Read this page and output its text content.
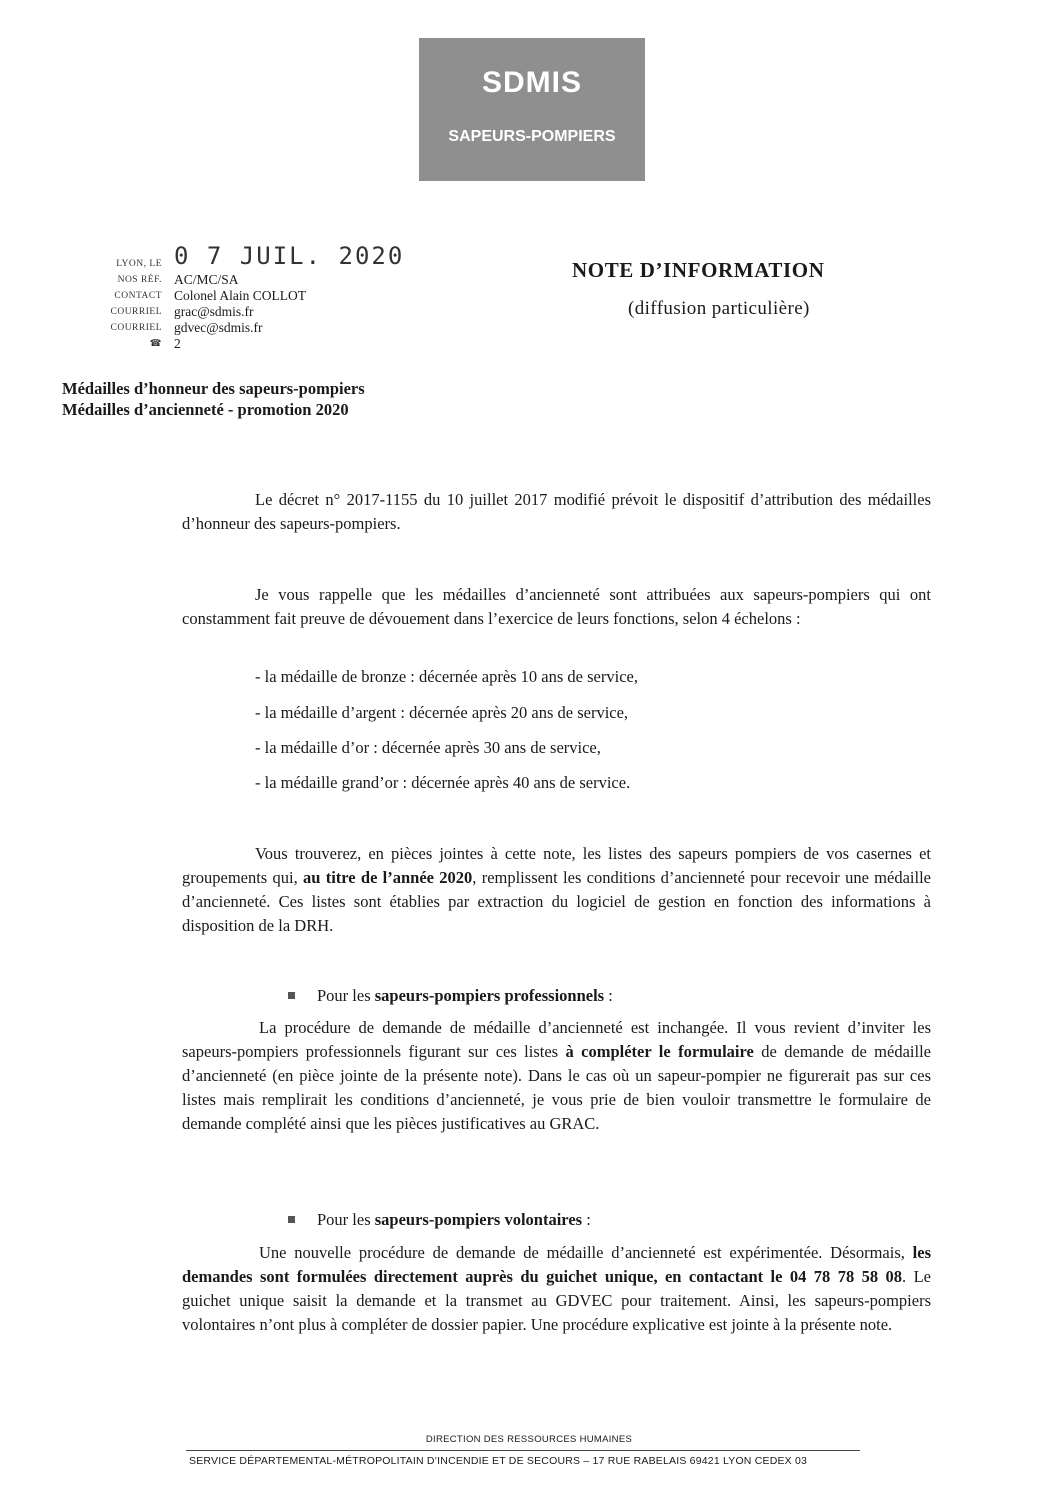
SDMIS
SAPEURS-POMPIERS
LYON, LE 0 7 JUIL. 2020
NOS RÉF. AC/MC/SA
CONTACT Colonel Alain COLLOT
COURRIEL grac@sdmis.fr
COURRIEL gdvec@sdmis.fr
☎ 2
NOTE D’INFORMATION
(diffusion particulière)
Médailles d’honneur des sapeurs-pompiers
Médailles d’ancienneté - promotion 2020

Le décret n° 2017-1155 du 10 juillet 2017 modifié prévoit le dispositif d’attribution des médailles d’honneur des sapeurs-pompiers.

Je vous rappelle que les médailles d’ancienneté sont attribuées aux sapeurs-pompiers qui ont constamment fait preuve de dévouement dans l’exercice de leurs fonctions, selon 4 échelons :

- la médaille de bronze : décernée après 10 ans de service,
- la médaille d’argent : décernée après 20 ans de service,
- la médaille d’or : décernée après 30 ans de service,
- la médaille grand’or : décernée après 40 ans de service.

Vous trouverez, en pièces jointes à cette note, les listes des sapeurs pompiers de vos casernes et groupements qui, au titre de l’année 2020, remplissent les conditions d’ancienneté pour recevoir une médaille d’ancienneté. Ces listes sont établies par extraction du logiciel de gestion en fonction des informations à disposition de la DRH.

Pour les sapeurs-pompiers professionnels :

La procédure de demande de médaille d’ancienneté est inchangée. Il vous revient d’inviter les sapeurs-pompiers professionnels figurant sur ces listes à compléter le formulaire de demande de médaille d’ancienneté (en pièce jointe de la présente note). Dans le cas où un sapeur-pompier ne figurerait pas sur ces listes mais remplirait les conditions d’ancienneté, je vous prie de bien vouloir transmettre le formulaire de demande complété ainsi que les pièces justificatives au GRAC.

Pour les sapeurs-pompiers volontaires :

Une nouvelle procédure de demande de médaille d’ancienneté est expérimentée. Désormais, les demandes sont formulées directement auprès du guichet unique, en contactant le 04 78 78 58 08. Le guichet unique saisit la demande et la transmet au GDVEC pour traitement. Ainsi, les sapeurs-pompiers volontaires n’ont plus à compléter de dossier papier. Une procédure explicative est jointe à la présente note.

DIRECTION DES RESSOURCES HUMAINES
SERVICE DÉPARTEMENTAL-MÉTROPOLITAIN D’INCENDIE ET DE SECOURS – 17 RUE RABELAIS 69421 LYON CEDEX 03
